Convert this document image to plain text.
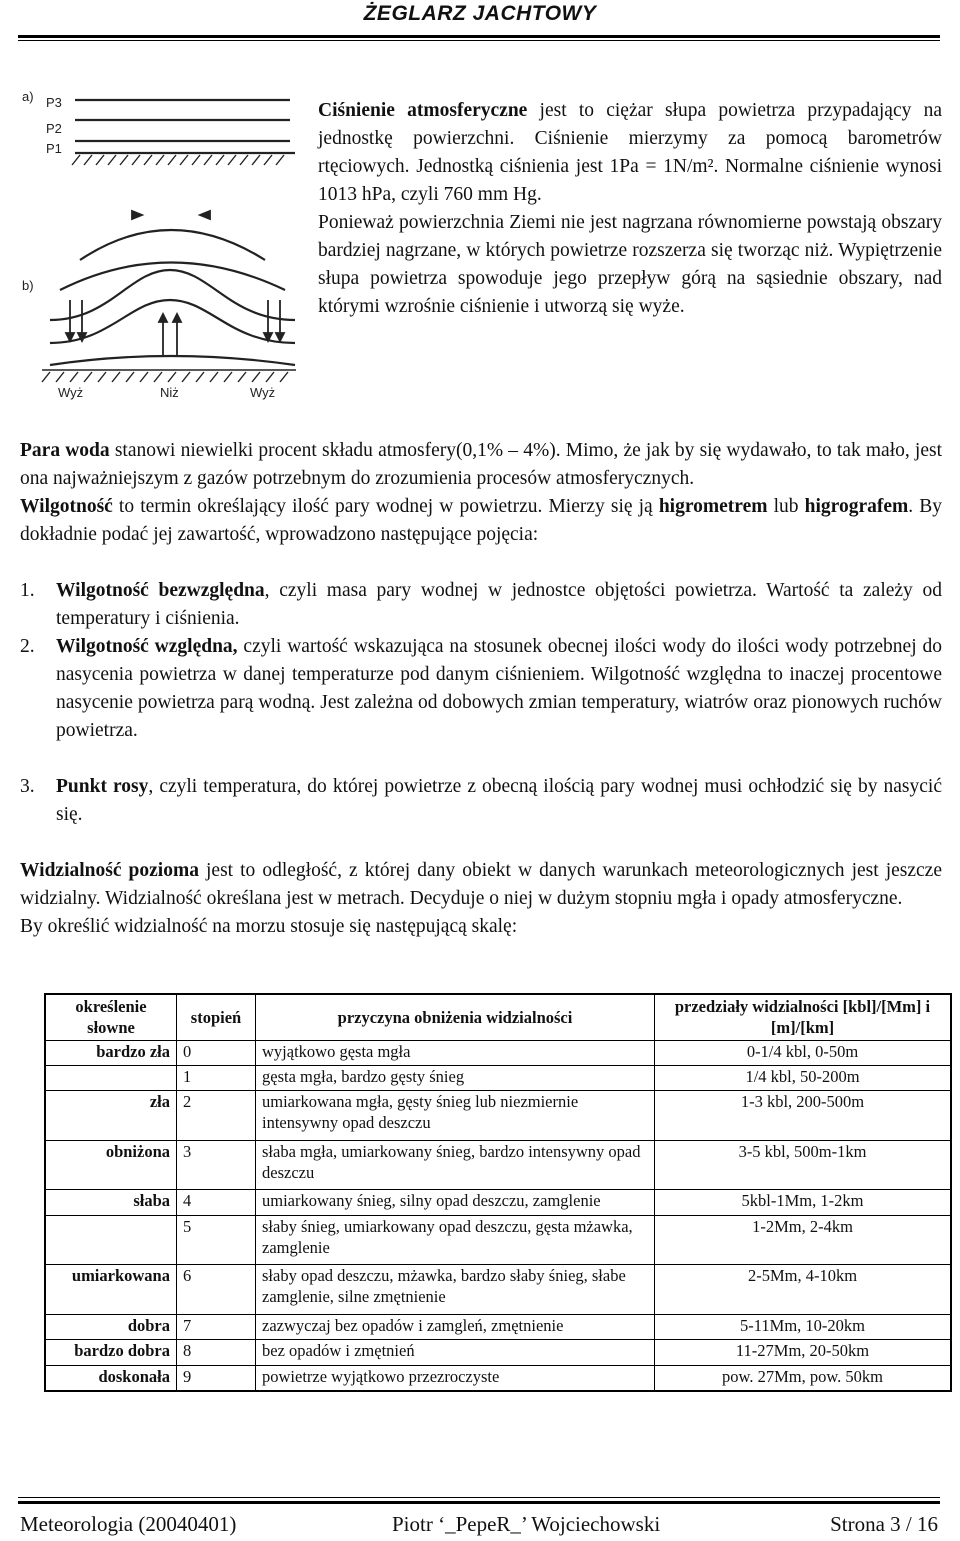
ŻEGLARZ JACHTOWY
a) P3
P2
P1
b)
Wyż	Niż	Wyż
Ciśnienie atmosferyczne jest to ciężar słupa powietrza przypadający na jednostkę powierzchni. Ciśnienie mierzymy za pomocą barometrów rtęciowych. Jednostką ciśnienia jest 1Pa = 1N/m². Normalne ciśnienie wynosi 1013 hPa, czyli 760 mm Hg.
Ponieważ powierzchnia Ziemi nie jest nagrzana równomierne powstają obszary bardziej nagrzane, w których powietrze rozszerza się tworząc niż. Wypiętrzenie słupa powietrza spowoduje jego przepływ górą na sąsiednie obszary, nad którymi wzrośnie ciśnienie i utworzą się wyże.
Para woda stanowi niewielki procent składu atmosfery(0,1% – 4%). Mimo, że jak by się wydawało, to tak mało, jest ona najważniejszym z gazów potrzebnym do zrozumienia procesów atmosferycznych.
Wilgotność to termin określający ilość pary wodnej w powietrzu. Mierzy się ją higrometrem lub higrografem. By dokładnie podać jej zawartość, wprowadzono następujące pojęcia:
1. Wilgotność bezwzględna, czyli masa pary wodnej w jednostce objętości powietrza. Wartość ta zależy od temperatury i ciśnienia.
2. Wilgotność względna, czyli wartość wskazująca na stosunek obecnej ilości wody do ilości wody potrzebnej do nasycenia powietrza w danej temperaturze pod danym ciśnieniem. Wilgotność względna to inaczej procentowe nasycenie powietrza parą wodną. Jest zależna od dobowych zmian temperatury, wiatrów oraz pionowych ruchów powietrza.
3. Punkt rosy, czyli temperatura, do której powietrze z obecną ilością pary wodnej musi ochłodzić się by nasycić się.
Widzialność pozioma jest to odległość, z której dany obiekt w danych warunkach meteorologicznych jest jeszcze widzialny. Widzialność określana jest w metrach. Decyduje o niej w dużym stopniu mgła i opady atmosferyczne.
By określić widzialność na morzu stosuje się następującą skalę:
określenie słowne	stopień	przyczyna obniżenia widzialności	przedziały widzialności [kbl]/[Mm] i [m]/[km]
bardzo zła	0	wyjątkowo gęsta mgła	0-1/4 kbl, 0-50m
	1	gęsta mgła, bardzo gęsty śnieg	1/4 kbl, 50-200m
zła	2	umiarkowana mgła, gęsty śnieg lub niezmiernie intensywny opad deszczu	1-3 kbl, 200-500m
obniżona	3	słaba mgła, umiarkowany śnieg, bardzo intensywny opad deszczu	3-5 kbl, 500m-1km
słaba	4	umiarkowany śnieg, silny opad deszczu, zamglenie	5kbl-1Mm, 1-2km
	5	słaby śnieg, umiarkowany opad deszczu, gęsta mżawka, zamglenie	1-2Mm, 2-4km
umiarkowana	6	słaby opad deszczu, mżawka, bardzo słaby śnieg, słabe zamglenie, silne zmętnienie	2-5Mm, 4-10km
dobra	7	zazwyczaj bez opadów i zamgleń, zmętnienie	5-11Mm, 10-20km
bardzo dobra	8	bez opadów i zmętnień	11-27Mm, 20-50km
doskonała	9	powietrze wyjątkowo przezroczyste	pow. 27Mm, pow. 50km
Meteorologia (20040401)	Piotr ‘_PepeR_’ Wojciechowski	Strona 3 / 16
